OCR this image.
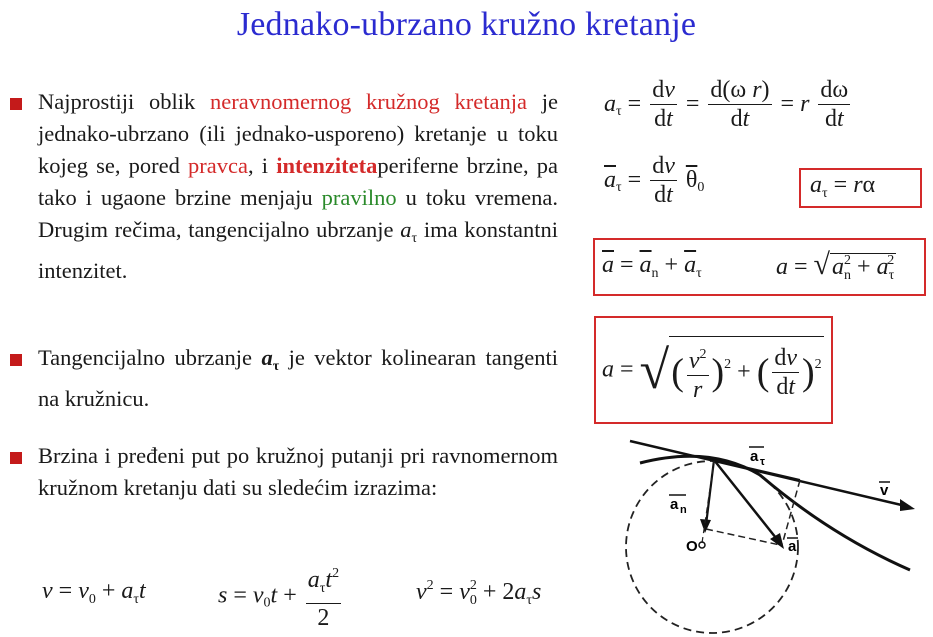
Jednako-ubrzano kružno kretanje
Najprostiji oblik neravnomernog kružnog kretanja je jednako-ubrzano (ili jednako-usporeno) kretanje u toku kojeg se, pored pravca, i intenzitetaperiferne brzine, pa tako i ugaone brzine menjaju pravilno u toku vremena. Drugim rečima, tangencijalno ubrzanje $a_\tau$ ima konstantni intenzitet.
Tangencijalno ubrzanje $a_\tau$ je vektor kolinearan tangenti na kružnicu.
Brzina i pređeni put po kružnoj putanji pri ravnomernom kružnom kretanju dati su sledećim izrazima:
$v = v_0 + a_\tau t$	$s = v_0t + \frac{a_\tau t^2}{2}$	$v^2 = v_0^2 + 2a_\tau s$
$a_\tau = \frac{dv}{dt} = \frac{\text{d(ω r)}}{dt} = r \frac{d\omega}{dt}$
$\overline{a}_\tau = \frac{dv}{dt} \overline{\theta}_0$	$a_\tau = r\alpha$
$\overline{a} = \overline{a}_n + \overline{a}_\tau$	$a = √a_n^2 + a_\tau^2$
a = √( $\frac{v^2}{r} )^2$ + ( $\frac{dv}{dt} )^2$
a τ
v
a n
a
O
